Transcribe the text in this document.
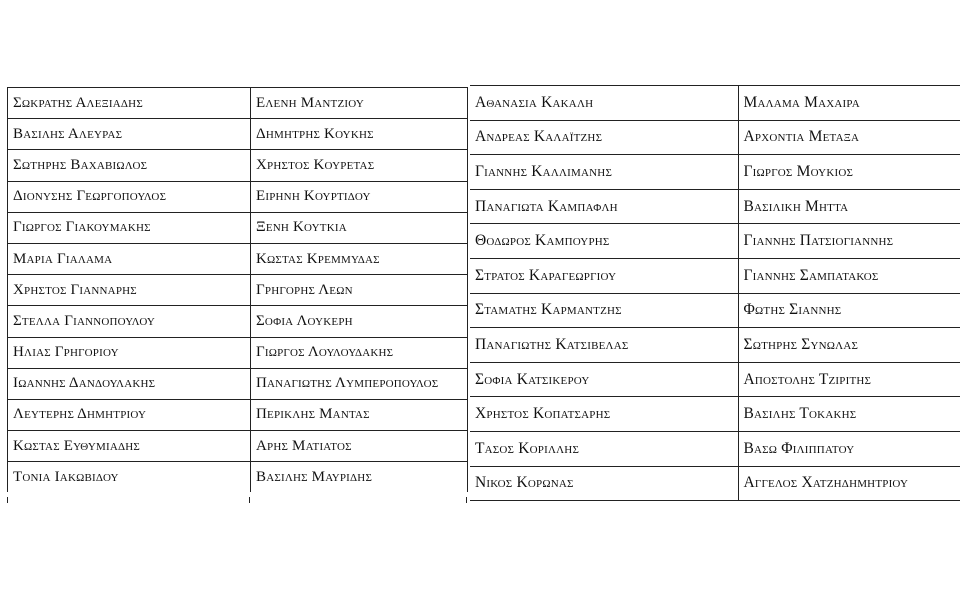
Σωκρατης Αλεξιαδης	Ελενη Μαντζιου
Βασιλης Αλευρας	Δημητρης Κουκης
Σωτηρης Βαχαβιωλος	Χρηστος Κουρετας
Διονυσης Γεωργοπουλος	Ειρηνη Κουρτιδου
Γιωργος Γιακουμακης	Ξενη Κουτκια
Μαρια Γιαλαμα	Κωστας Κρεμμυδας
Χρηστος Γιανναρης	Γρηγορης Λεων
Στελλα Γιαννοπουλου	Σοφια Λουκερη
Ηλιας Γρηγοριου	Γιωργος Λουλουδακης
Ιωαννης Δανδουλακης	Παναγιωτης Λυμπεροπουλος
Λευτερης Δημητριου	Περικλης Μαντας
Κωστας Ευθυμιαδης	Αρης Ματιατος
Τονια Ιακωβιδου	Βασιλης Μαυριδης
Αθανασια Κακαλη	Μαλαμα Μαχαιρα
Ανδρεας Καλαϊτζης	Αρχοντια Μεταξα
Γιαννης Καλλιμανης	Γιωργος Μουκιος
Παναγιωτα Καμπαφλη	Βασιλικη Μηττα
Θοδωρος Καμπουρης	Γιαννης Πατσιογιαννης
Στρατος Καραγεωργιου	Γιαννης Σαμπατακος
Σταματης Καρμαντζης	Φωτης Σιαννης
Παναγιωτης Κατσιβελας	Σωτηρης Συνωλας
Σοφια Κατσικερου	Αποστολης Τζιριτης
Χρηστος Κοπατσαρης	Βασιλης Τοκακης
Τασος Κοριλλης	Βασω Φιλιππατου
Νικος Κορωνας	Αγγελος Χατζηδημητριου
